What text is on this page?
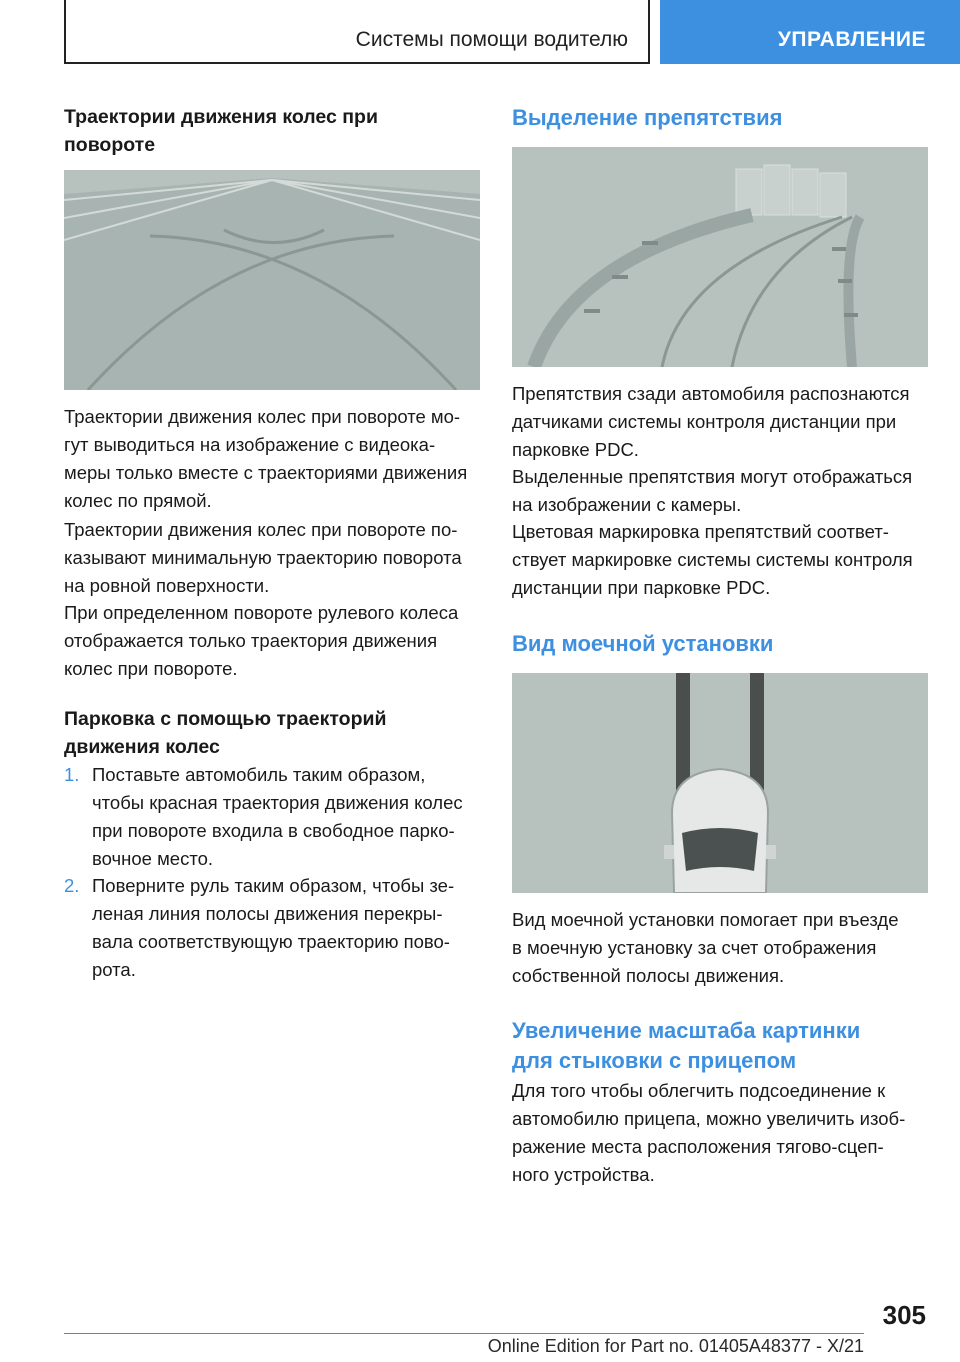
Системы помощи водителю	УПРАВЛЕНИЕ
Траектории движения колес при
повороте
Траектории движения колес при повороте мо‐
гут выводиться на изображение с видеока‐
меры только вместе с траекториями движения
колес по прямой.
Траектории движения колес при повороте по‐
казывают минимальную траекторию поворота
на ровной поверхности.
При определенном повороте рулевого колеса
отображается только траектория движения
колес при повороте.
Парковка с помощью траекторий
движения колес
1. Поставьте автомобиль таким образом,
чтобы красная траектория движения колес
при повороте входила в свободное парко‐
вочное место.
2. Поверните руль таким образом, чтобы зе‐
леная линия полосы движения перекры‐
вала соответствующую траекторию пово‐
рота.
Выделение препятствия
Препятствия сзади автомобиля распознаются
датчиками системы контроля дистанции при
парковке PDC.
Выделенные препятствия могут отображаться
на изображении с камеры.
Цветовая маркировка препятствий соответ‐
ствует маркировке системы системы контроля
дистанции при парковке PDC.
Вид моечной установки
Вид моечной установки помогает при въезде
в моечную установку за счет отображения
собственной полосы движения.
Увеличение масштаба картинки
для стыковки с прицепом
Для того чтобы облегчить подсоединение к
автомобилю прицепа, можно увеличить изоб‐
ражение места расположения тягово-сцеп‐
ного устройства.
305
Online Edition for Part no. 01405A48377 - X/21
